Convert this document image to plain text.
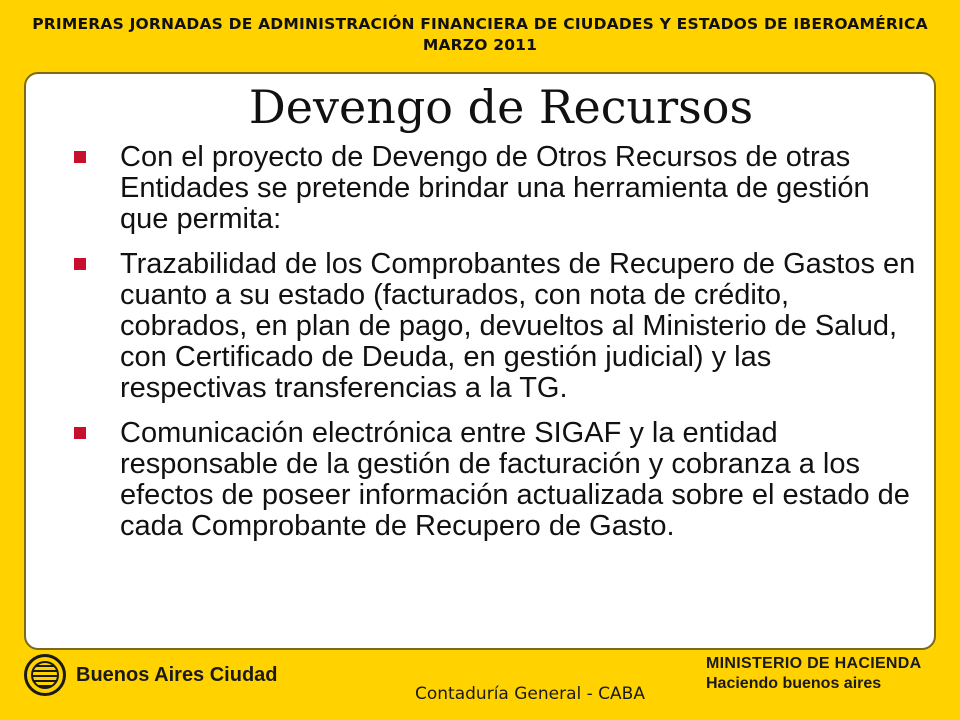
PRIMERAS JORNADAS DE ADMINISTRACIÓN FINANCIERA DE CIUDADES Y ESTADOS DE IBEROAMÉRICA
MARZO 2011
Devengo de Recursos
Con el proyecto de Devengo de Otros Recursos de otras Entidades se pretende brindar una herramienta de gestión que permita:
Trazabilidad de los Comprobantes de Recupero de Gastos en cuanto a su estado (facturados, con nota de crédito, cobrados, en plan de pago, devueltos al Ministerio de Salud, con Certificado de Deuda, en gestión judicial) y las respectivas transferencias a la TG.
Comunicación electrónica entre SIGAF y la entidad responsable de la gestión de facturación y cobranza a los efectos de poseer información actualizada sobre el estado de cada Comprobante de Recupero de Gasto.
Buenos Aires Ciudad
Contaduría General - CABA
MINISTERIO DE HACIENDA
Haciendo buenos aires
